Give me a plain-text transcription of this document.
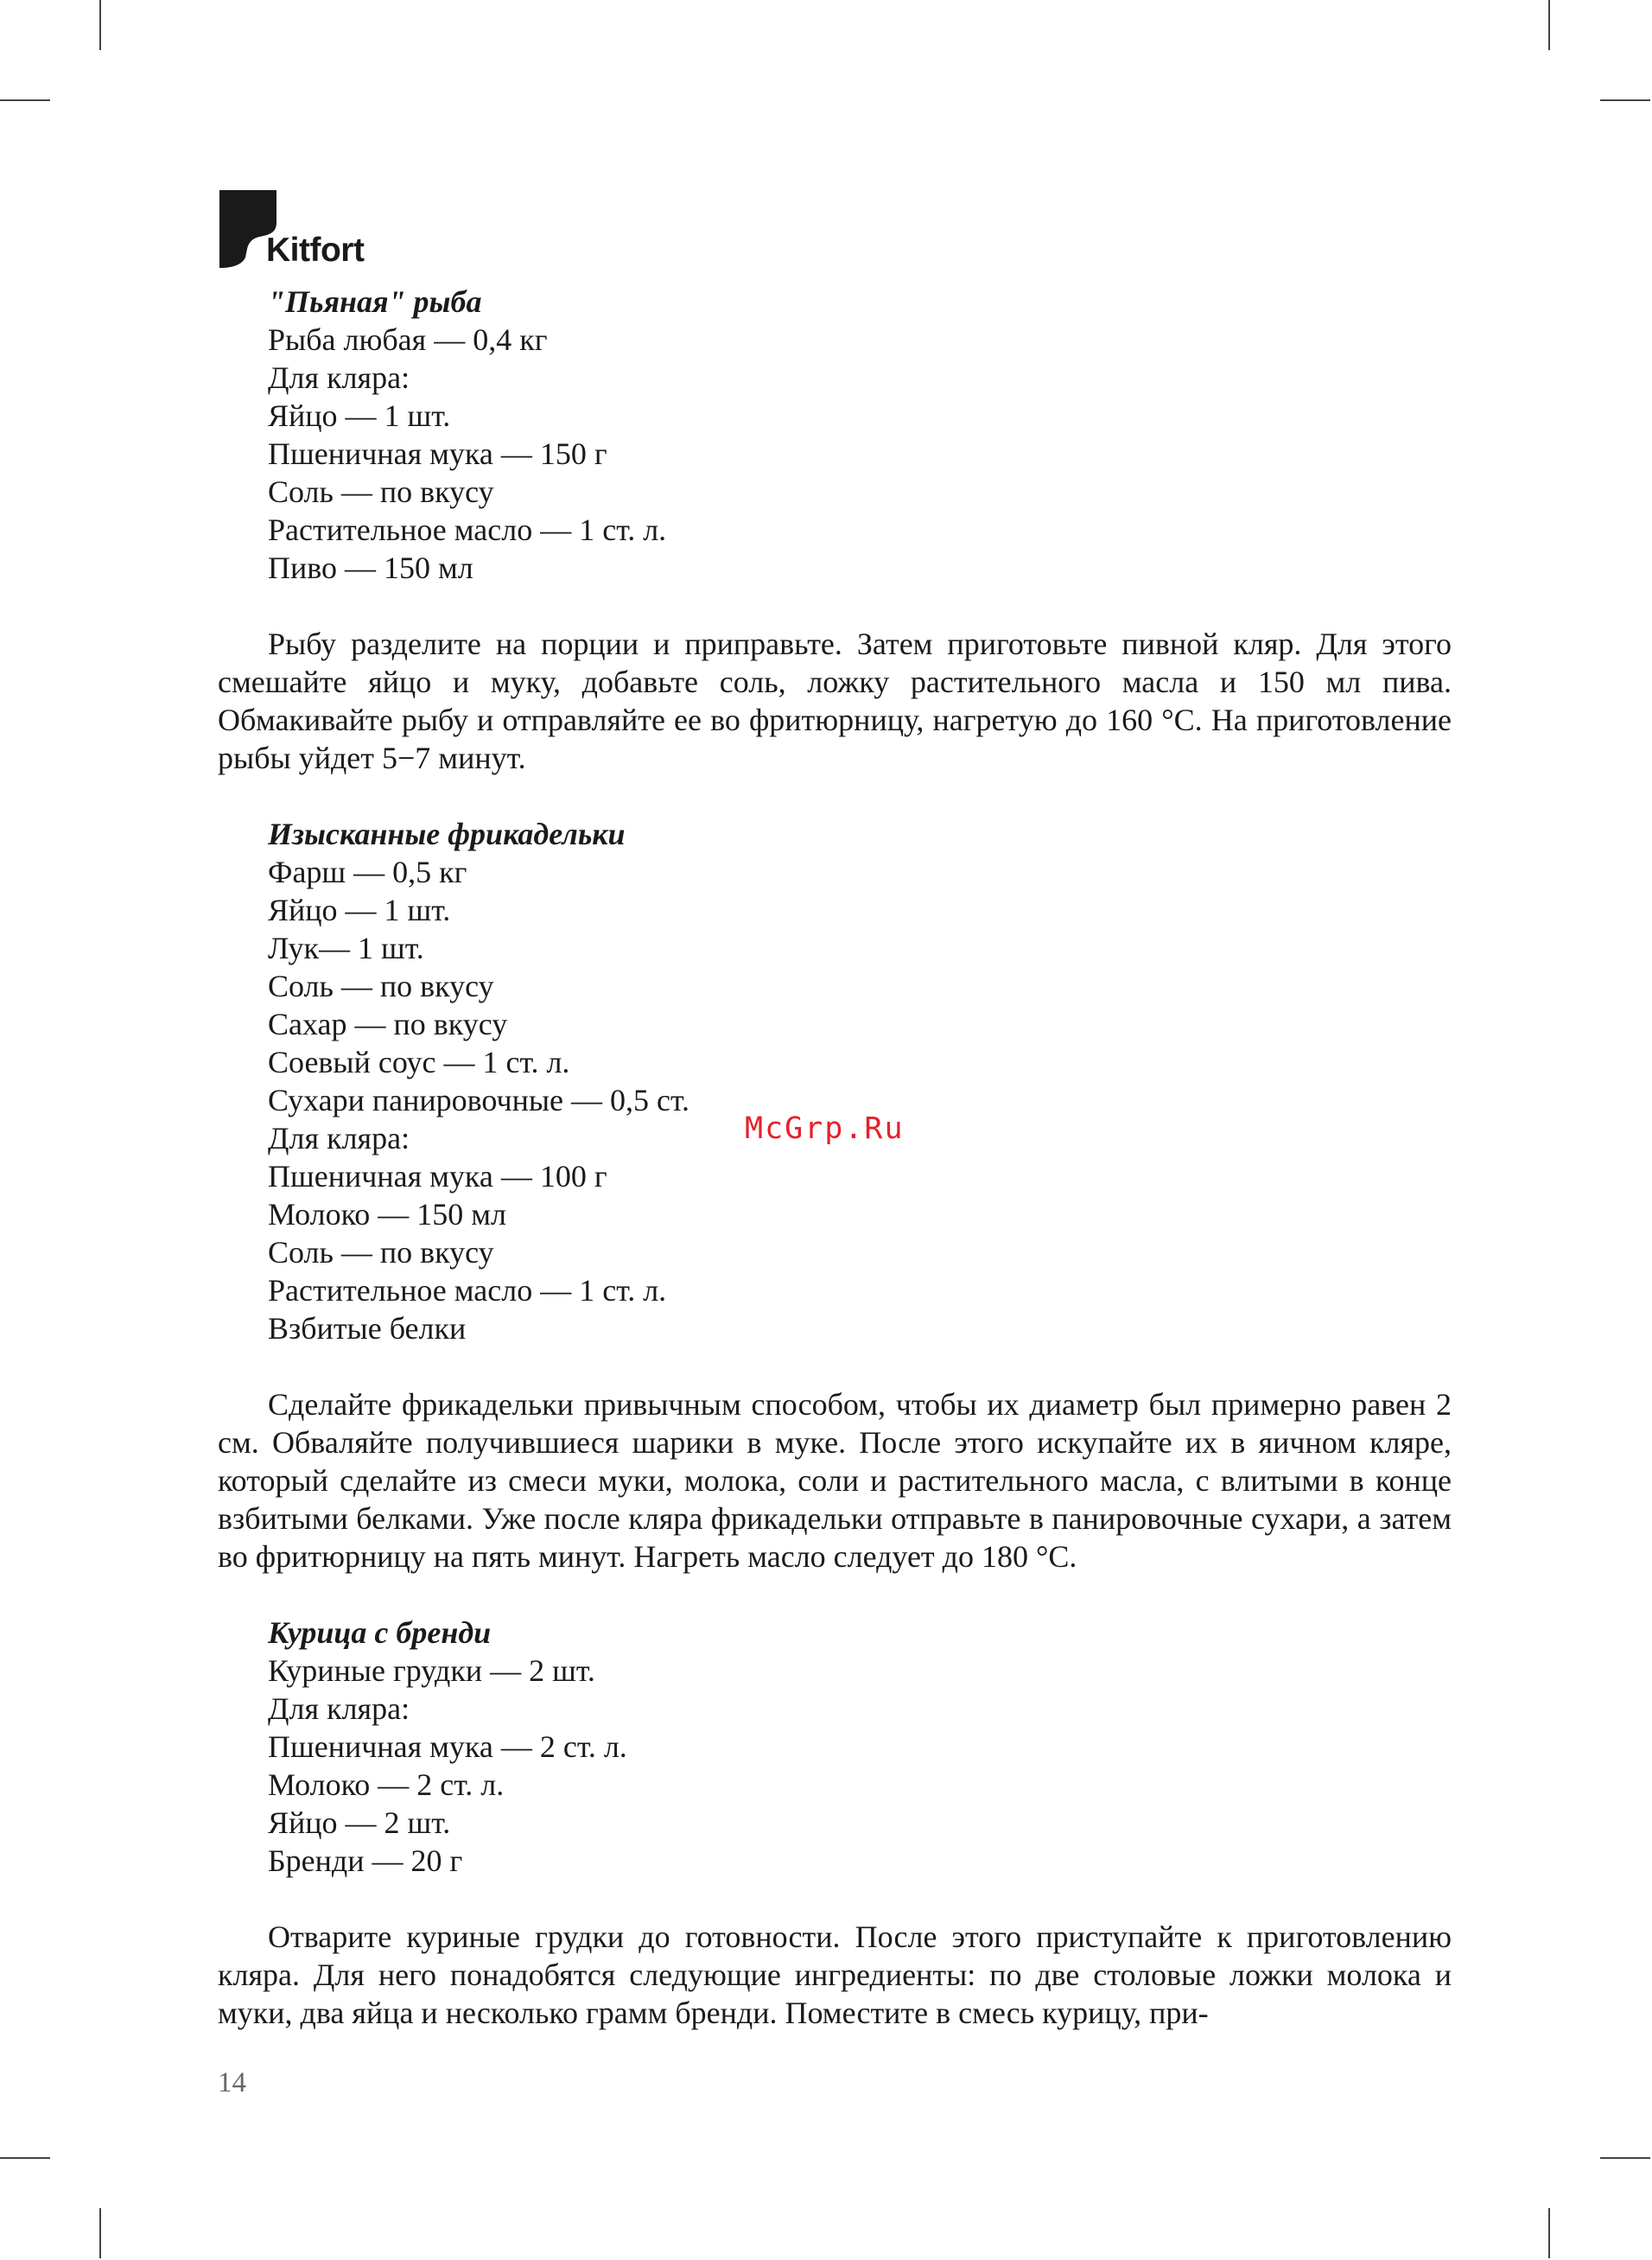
Kitfort
"Пьяная" рыба
Рыба любая — 0,4 кг
Для кляра:
Яйцо — 1 шт.
Пшеничная мука — 150 г
Соль — по вкусу
Растительное масло — 1 ст. л.
Пиво — 150 мл

Рыбу разделите на порции и приправьте. Затем приготовьте пивной кляр. Для этого смешайте яйцо и муку, добавьте соль, ложку растительного масла и 150 мл пива. Обмакивайте рыбу и отправляйте ее во фритюрницу, нагретую до 160 °С. На приготовление рыбы уйдет 5−7 минут.

Изысканные фрикадельки
Фарш — 0,5 кг
Яйцо — 1 шт.
Лук— 1 шт.
Соль — по вкусу
Сахар — по вкусу
Соевый соус — 1 ст. л.
Сухари панировочные — 0,5 ст.
Для кляра:
Пшеничная мука — 100 г
Молоко — 150 мл
Соль — по вкусу
Растительное масло — 1 ст. л.
Взбитые белки

Сделайте фрикадельки привычным способом, чтобы их диаметр был примерно равен 2 см. Обваляйте получившиеся шарики в муке. После этого искупайте их в яичном кляре, который сделайте из смеси муки, молока, соли и растительного масла, с влитыми в конце взбитыми белками. Уже после кляра фрикадельки отправьте в панировочные сухари, а затем во фритюрницу на пять минут. Нагреть масло следует до 180 °С.

Курица с бренди
Куриные грудки — 2 шт.
Для кляра:
Пшеничная мука — 2 ст. л.
Молоко — 2 ст. л.
Яйцо — 2 шт.
Бренди — 20 г

Отварите куриные грудки до готовности. После этого приступайте к приготовлению кляра. Для него понадобятся следующие ингредиенты: по две столовые ложки молока и муки, два яйца и несколько грамм бренди. Поместите в смесь курицу, при-

McGrp.Ru
14
